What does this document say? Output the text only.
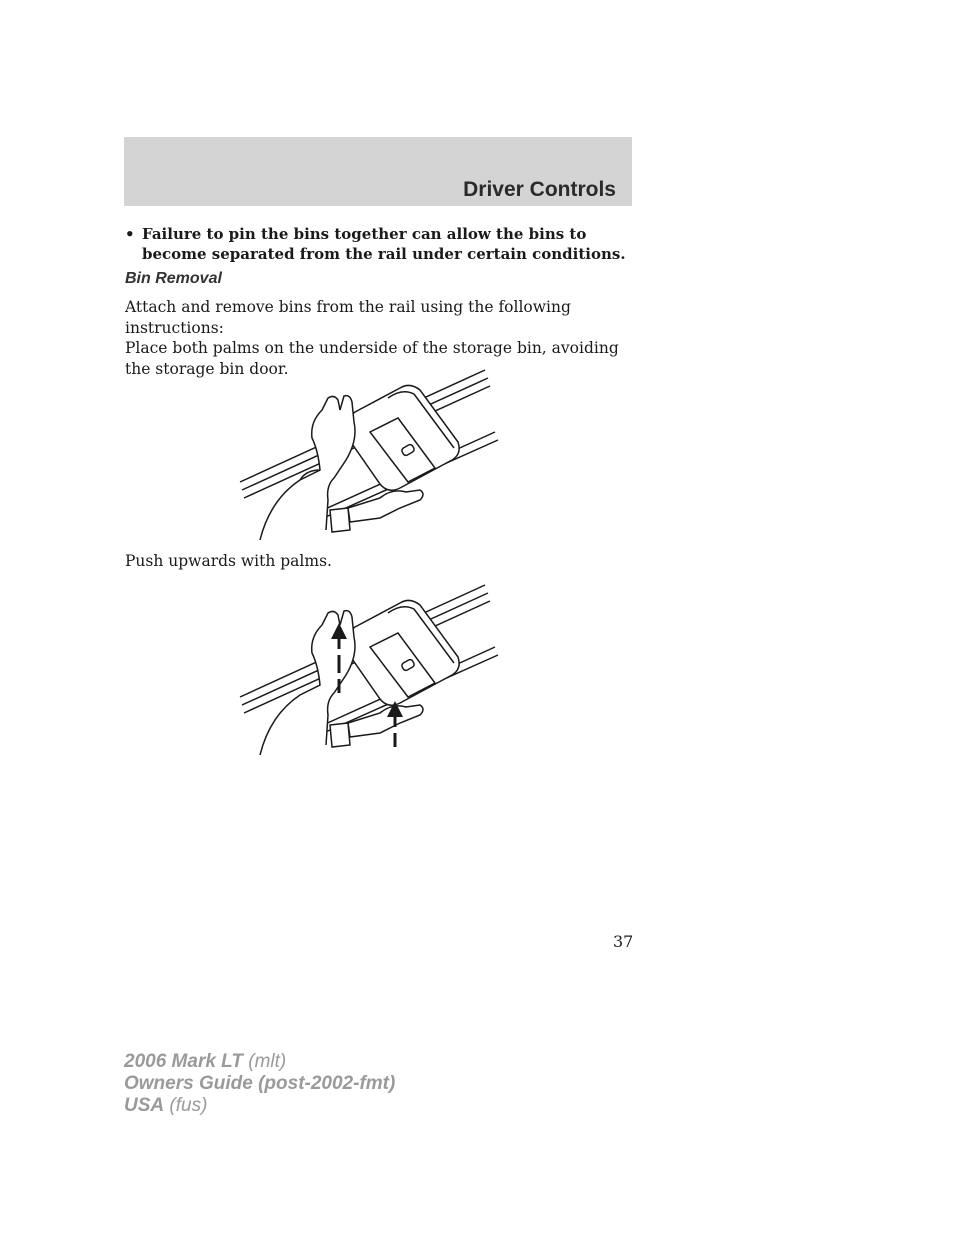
Driver Controls
• Failure to pin the bins together can allow the bins to become separated from the rail under certain conditions.
Bin Removal
Attach and remove bins from the rail using the following instructions:
Place both palms on the underside of the storage bin, avoiding the storage bin door.
Push upwards with palms.
37
2006 Mark LT (mlt)
Owners Guide (post-2002-fmt)
USA (fus)
